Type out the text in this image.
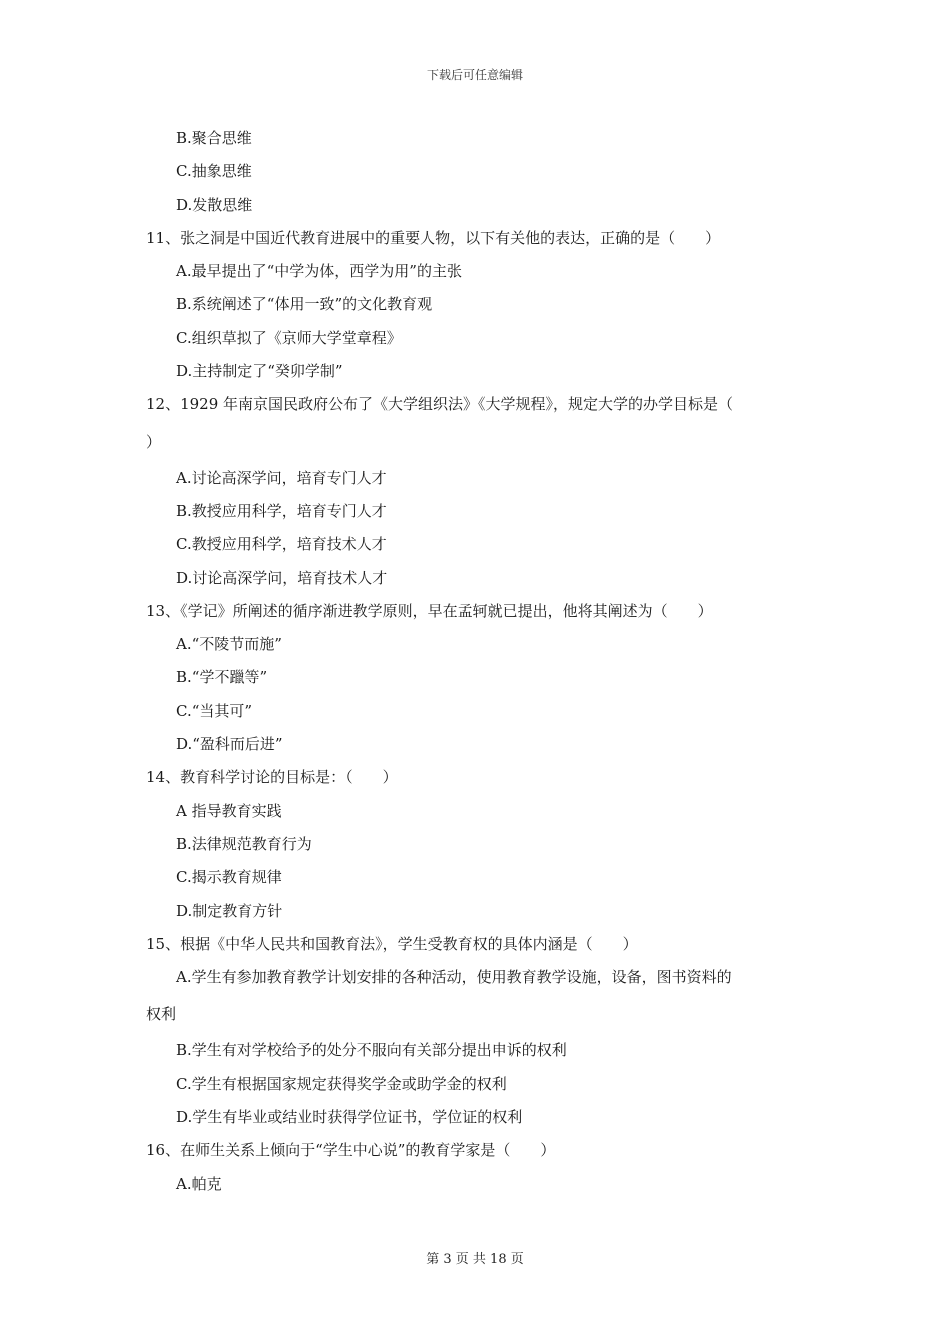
下载后可任意编辑
B.聚合思维
C.抽象思维
D.发散思维
11、张之洞是中国近代教育进展中的重要人物，以下有关他的表达，正确的是（　　）
A.最早提出了“中学为体，西学为用”的主张
B.系统阐述了“体用一致”的文化教育观
C.组织草拟了《京师大学堂章程》
D.主持制定了“癸卯学制”
12、1929 年南京国民政府公布了《大学组织法》《大学规程》，规定大学的办学目标是（
）
A.讨论高深学问，培育专门人才
B.教授应用科学，培育专门人才
C.教授应用科学，培育技术人才
D.讨论高深学问，培育技术人才
13、《学记》所阐述的循序渐进教学原则，早在孟轲就已提出，他将其阐述为（　　）
A.“不陵节而施”
B.“学不躐等”
C.“当其可”
D.“盈科而后进”
14、教育科学讨论的目标是：（　　）
A 指导教育实践
B.法律规范教育行为
C.揭示教育规律
D.制定教育方针
15、根据《中华人民共和国教育法》，学生受教育权的具体内涵是（　　）
A.学生有参加教育教学计划安排的各种活动，使用教育教学设施，设备，图书资料的
权利
B.学生有对学校给予的处分不服向有关部分提出申诉的权利
C.学生有根据国家规定获得奖学金或助学金的权利
D.学生有毕业或结业时获得学位证书，学位证的权利
16、在师生关系上倾向于“学生中心说”的教育学家是（　　）
A.帕克
第 3 页 共 18 页
